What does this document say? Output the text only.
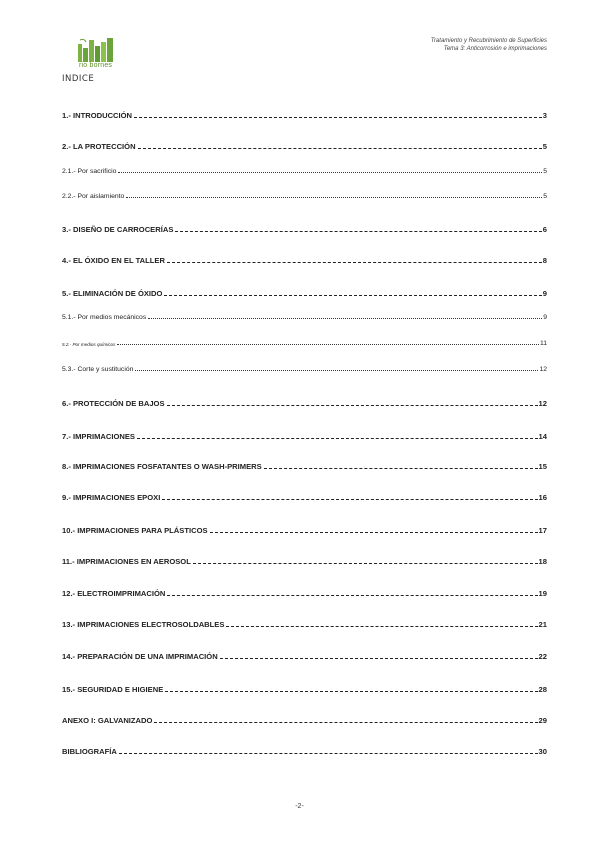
rio bornes
Tratamiento y Recubrimiento de Superficies
Tema 3: Anticorrosión e imprimaciones
INDICE
1.- INTRODUCCIÓN	3
2.- LA PROTECCIÓN	5
2.1.- Por sacrificio	5
2.2.- Por aislamiento	5
3.- DISEÑO DE CARROCERÍAS	6
4.- EL ÓXIDO EN EL TALLER	8
5.- ELIMINACIÓN DE ÓXIDO	9
5.1.- Por medios mecánicos	9
5.2.- Por medios químicos	11
5.3.- Corte y sustitución	12
6.- PROTECCIÓN DE BAJOS	12
7.- IMPRIMACIONES	14
8.- IMPRIMACIONES FOSFATANTES O WASH-PRIMERS	15
9.- IMPRIMACIONES EPOXI	16
10.- IMPRIMACIONES PARA PLÁSTICOS	17
11.- IMPRIMACIONES EN AEROSOL	18
12.- ELECTROIMPRIMACIÓN	19
13.- IMPRIMACIONES ELECTROSOLDABLES	21
14.- PREPARACIÓN DE UNA IMPRIMACIÓN	22
15.- SEGURIDAD E HIGIENE	28
ANEXO I: GALVANIZADO	29
BIBLIOGRAFÍA	30
-2-
